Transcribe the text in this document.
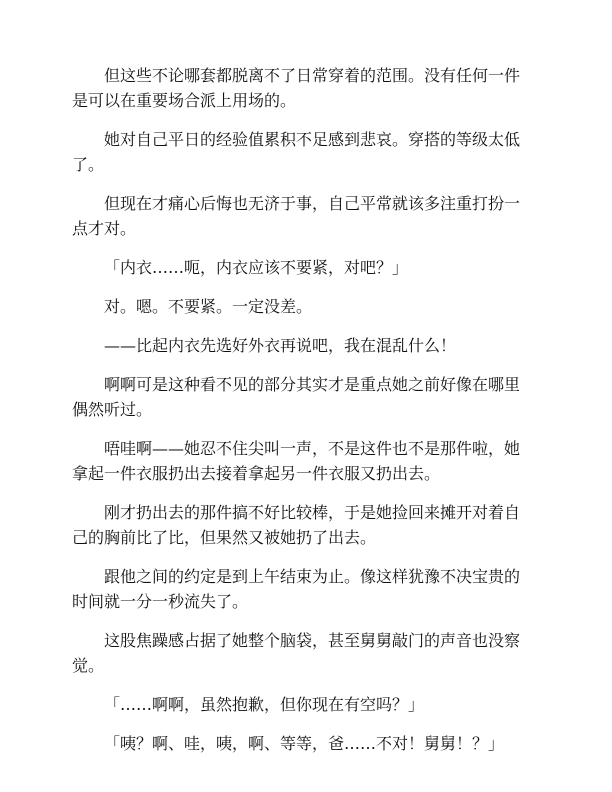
但这些不论哪套都脱离不了日常穿着的范围。没有任何一件是可以在重要场合派上用场的。

她对自己平日的经验值累积不足感到悲哀。穿搭的等级太低了。

但现在才痛心后悔也无济于事，自己平常就该多注重打扮一点才对。

「内衣……呃，内衣应该不要紧，对吧？」

对。嗯。不要紧。一定没差。

——比起内衣先选好外衣再说吧，我在混乱什么！

啊啊可是这种看不见的部分其实才是重点她之前好像在哪里偶然听过。

唔哇啊——她忍不住尖叫一声，不是这件也不是那件啦，她拿起一件衣服扔出去接着拿起另一件衣服又扔出去。

刚才扔出去的那件搞不好比较棒，于是她捡回来摊开对着自己的胸前比了比，但果然又被她扔了出去。

跟他之间的约定是到上午结束为止。像这样犹豫不决宝贵的时间就一分一秒流失了。

这股焦躁感占据了她整个脑袋，甚至舅舅敲门的声音也没察觉。

「……啊啊，虽然抱歉，但你现在有空吗？」

「咦？啊、哇，咦，啊、等等，爸……不对！舅舅！？」
